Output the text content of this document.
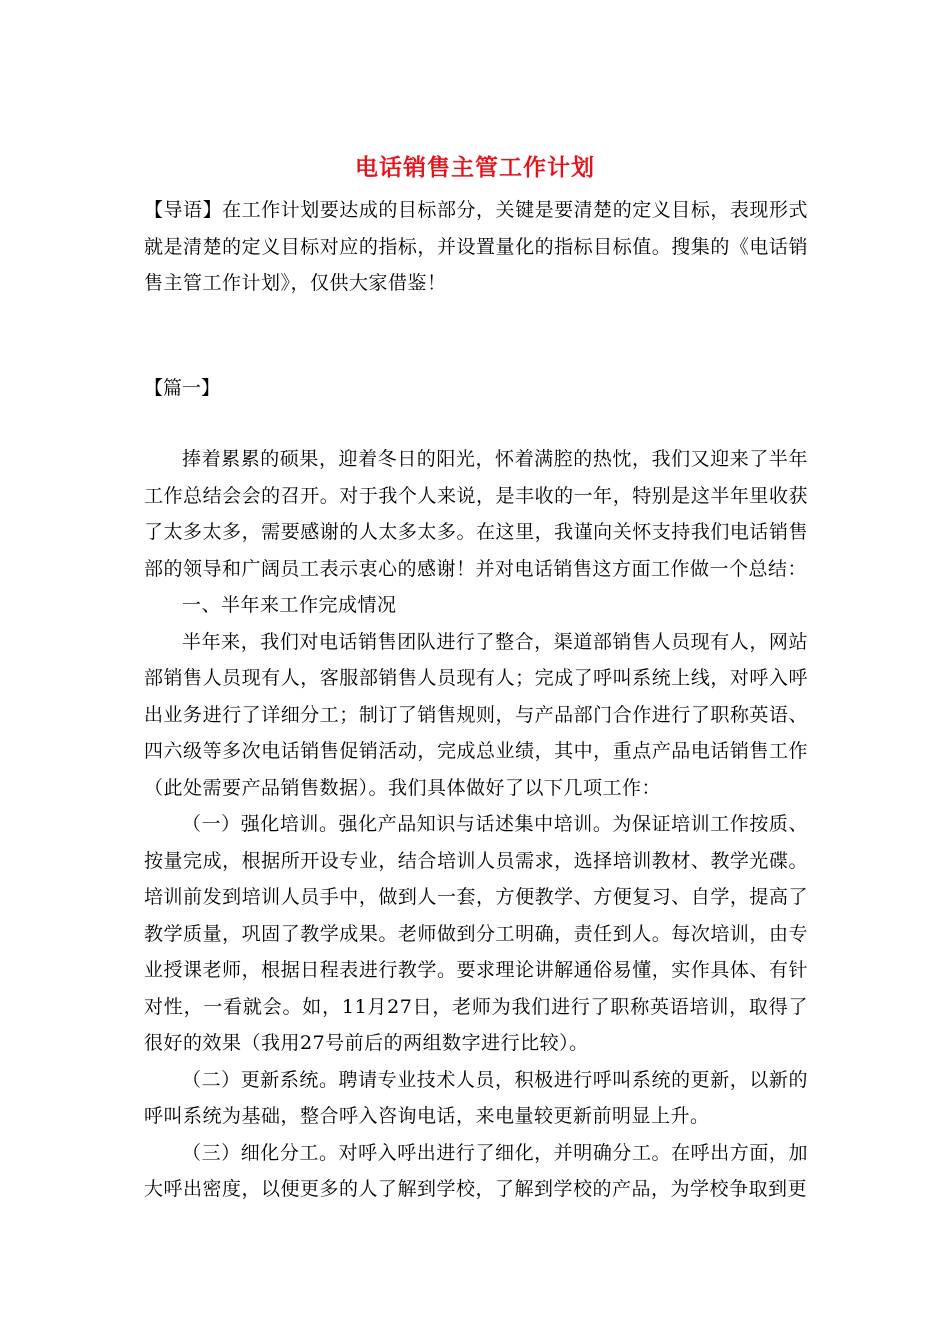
电话销售主管工作计划

【导语】在工作计划要达成的目标部分，关键是要清楚的定义目标，表现形式就是清楚的定义目标对应的指标，并设置量化的指标目标值。搜集的《电话销售主管工作计划》，仅供大家借鉴！

【篇一】

捧着累累的硕果，迎着冬日的阳光，怀着满腔的热忱，我们又迎来了半年工作总结会会的召开。对于我个人来说，是丰收的一年，特别是这半年里收获了太多太多，需要感谢的人太多太多。在这里，我谨向关怀支持我们电话销售部的领导和广阔员工表示衷心的感谢！并对电话销售这方面工作做一个总结：

一、半年来工作完成情况

半年来，我们对电话销售团队进行了整合，渠道部销售人员现有人，网站部销售人员现有人，客服部销售人员现有人；完成了呼叫系统上线，对呼入呼出业务进行了详细分工；制订了销售规则，与产品部门合作进行了职称英语、四六级等多次电话销售促销活动，完成总业绩，其中，重点产品电话销售工作（此处需要产品销售数据）。我们具体做好了以下几项工作：

（一）强化培训。强化产品知识与话述集中培训。为保证培训工作按质、按量完成，根据所开设专业，结合培训人员需求，选择培训教材、教学光碟。培训前发到培训人员手中，做到人一套，方便教学、方便复习、自学，提高了教学质量，巩固了教学成果。老师做到分工明确，责任到人。每次培训，由专业授课老师，根据日程表进行教学。要求理论讲解通俗易懂，实作具体、有针对性，一看就会。如，11月27日，老师为我们进行了职称英语培训，取得了很好的效果（我用27号前后的两组数字进行比较）。

（二）更新系统。聘请专业技术人员，积极进行呼叫系统的更新，以新的呼叫系统为基础，整合呼入咨询电话，来电量较更新前明显上升。

（三）细化分工。对呼入呼出进行了细化，并明确分工。在呼出方面，加大呼出密度，以便更多的人了解到学校，了解到学校的产品，为学校争取到更
